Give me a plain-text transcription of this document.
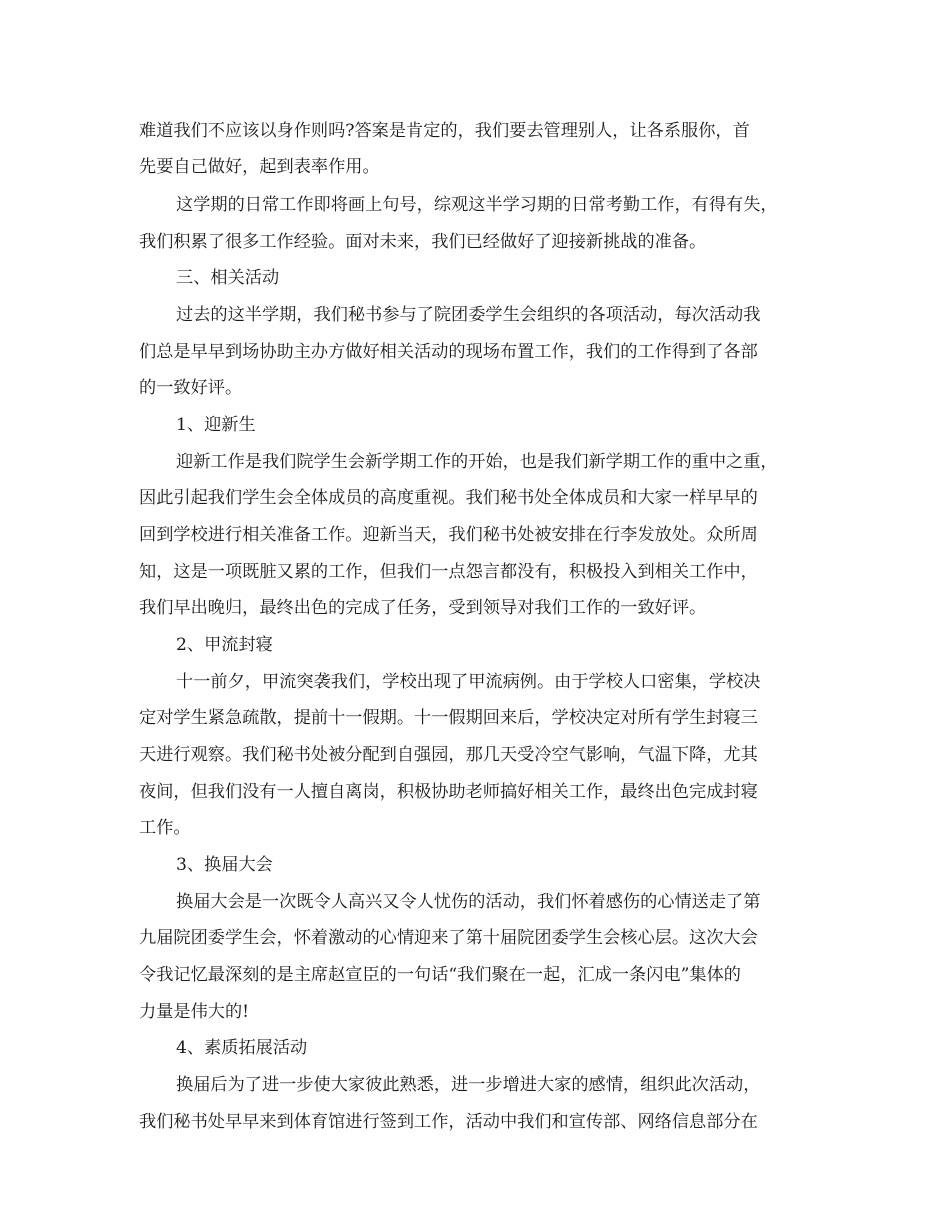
难道我们不应该以身作则吗?答案是肯定的，我们要去管理别人，让各系服你，首
先要自己做好，起到表率作用。
这学期的日常工作即将画上句号，综观这半学习期的日常考勤工作，有得有失，
我们积累了很多工作经验。面对未来，我们已经做好了迎接新挑战的准备。
三、相关活动
过去的这半学期，我们秘书参与了院团委学生会组织的各项活动，每次活动我
们总是早早到场协助主办方做好相关活动的现场布置工作，我们的工作得到了各部
的一致好评。
1、迎新生
迎新工作是我们院学生会新学期工作的开始，也是我们新学期工作的重中之重，
因此引起我们学生会全体成员的高度重视。我们秘书处全体成员和大家一样早早的
回到学校进行相关准备工作。迎新当天，我们秘书处被安排在行李发放处。众所周
知，这是一项既脏又累的工作，但我们一点怨言都没有，积极投入到相关工作中，
我们早出晚归，最终出色的完成了任务，受到领导对我们工作的一致好评。
2、甲流封寝
十一前夕，甲流突袭我们，学校出现了甲流病例。由于学校人口密集，学校决
定对学生紧急疏散，提前十一假期。十一假期回来后，学校决定对所有学生封寝三
天进行观察。我们秘书处被分配到自强园，那几天受冷空气影响，气温下降，尤其
夜间，但我们没有一人擅自离岗，积极协助老师搞好相关工作，最终出色完成封寝
工作。
3、换届大会
换届大会是一次既令人高兴又令人忧伤的活动，我们怀着感伤的心情送走了第
九届院团委学生会，怀着激动的心情迎来了第十届院团委学生会核心层。这次大会
令我记忆最深刻的是主席赵宣臣的一句话“我们聚在一起，汇成一条闪电”集体的
力量是伟大的!
4、素质拓展活动
换届后为了进一步使大家彼此熟悉，进一步增进大家的感情，组织此次活动，
我们秘书处早早来到体育馆进行签到工作，活动中我们和宣传部、网络信息部分在
